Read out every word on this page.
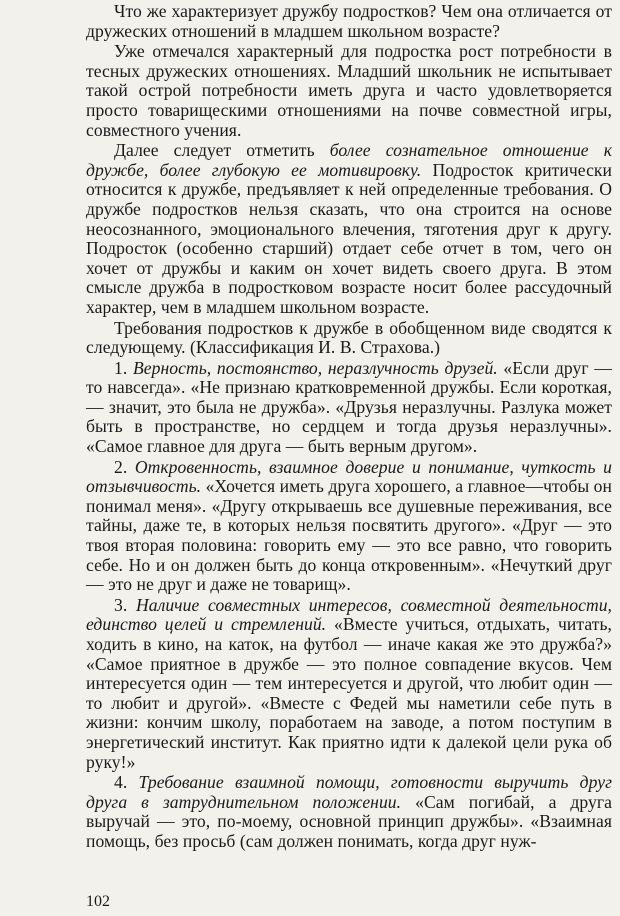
Что же характеризует дружбу подростков? Чем она отличается от дружеских отношений в младшем школьном возрасте?

Уже отмечался характерный для подростка рост потребности в тесных дружеских отношениях. Младший школьник не испытывает такой острой потребности иметь друга и часто удовлетворяется просто товарищескими отношениями на почве совместной игры, совместного учения.

Далее следует отметить более сознательное отношение к дружбе, более глубокую ее мотивировку. Подросток критически относится к дружбе, предъявляет к ней определенные требования. О дружбе подростков нельзя сказать, что она строится на основе неосознанного, эмоционального влечения, тяготения друг к другу. Подросток (особенно старший) отдает себе отчет в том, чего он хочет от дружбы и каким он хочет видеть своего друга. В этом смысле дружба в подростковом возрасте носит более рассудочный характер, чем в младшем школьном возрасте.

Требования подростков к дружбе в обобщенном виде сводятся к следующему. (Классификация И. В. Страхова.)

1. Верность, постоянство, неразлучность друзей. «Если друг — то навсегда». «Не признаю кратковременной дружбы. Если короткая, — значит, это была не дружба». «Друзья неразлучны. Разлука может быть в пространстве, но сердцем и тогда друзья неразлучны». «Самое главное для друга — быть верным другом».

2. Откровенность, взаимное доверие и понимание, чуткость и отзывчивость. «Хочется иметь друга хорошего, а главное—чтобы он понимал меня». «Другу открываешь все душевные переживания, все тайны, даже те, в которых нельзя посвятить другого». «Друг — это твоя вторая половина: говорить ему — это все равно, что говорить себе. Но и он должен быть до конца откровенным». «Нечуткий друг — это не друг и даже не товарищ».

3. Наличие совместных интересов, совместной деятельности, единство целей и стремлений. «Вместе учиться, отдыхать, читать, ходить в кино, на каток, на футбол — иначе какая же это дружба?» «Самое приятное в дружбе — это полное совпадение вкусов. Чем интересуется один — тем интересуется и другой, что любит один — то любит и другой». «Вместе с Федей мы наметили себе путь в жизни: кончим школу, поработаем на заводе, а потом поступим в энергетический институт. Как приятно идти к далекой цели рука об руку!»

4. Требование взаимной помощи, готовности выручить друг друга в затруднительном положении. «Сам погибай, а друга выручай — это, по-моему, основной принцип дружбы». «Взаимная помощь, без просьб (сам должен понимать, когда друг нуж-

102
